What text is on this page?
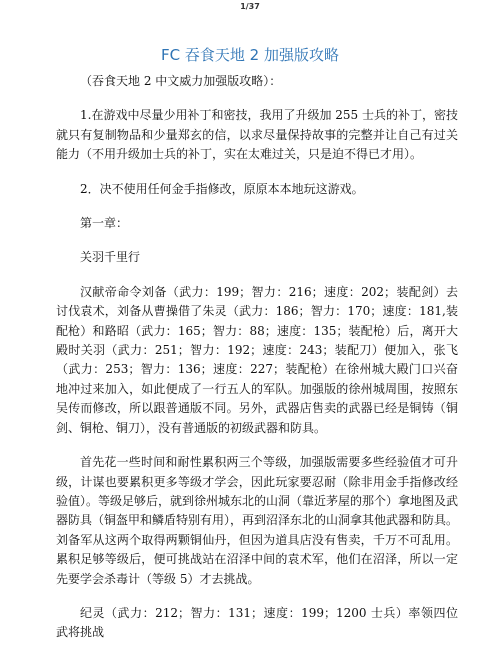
1/37
FC 吞食天地 2 加强版攻略

（吞食天地 2 中文威力加强版攻略）：

1.在游戏中尽量少用补丁和密技，我用了升级加 255 士兵的补丁，密技就只有复制物品和少量郑玄的信，以求尽量保持故事的完整并让自己有过关能力（不用升级加士兵的补丁，实在太难过关，只是迫不得已才用）。

2．决不使用任何金手指修改，原原本本地玩这游戏。

第一章：

关羽千里行

汉献帝命令刘备（武力：199；智力：216；速度：202；装配剑）去讨伐袁术，刘备从曹操借了朱灵（武力：186；智力：170；速度：181,装配枪）和路昭（武力：165；智力：88；速度：135；装配枪）后，离开大殿时关羽（武力：251；智力：192；速度：243；装配刀）便加入，张飞（武力：253；智力：136；速度：227；装配枪）在徐州城大殿门口兴奋地冲过来加入，如此便成了一行五人的军队。加强版的徐州城周围，按照东吴传而修改，所以跟普通版不同。另外，武器店售卖的武器已经是铜铸（铜剑、铜枪、铜刀），没有普通版的初级武器和防具。

首先花一些时间和耐性累积两三个等级，加强版需要多些经验值才可升级，计谋也要累积更多等级才学会，因此玩家要忍耐（除非用金手指修改经验值）。等级足够后，就到徐州城东北的山洞（靠近茅屋的那个）拿地图及武器防具（铜盔甲和鳞盾特别有用），再到沼泽东北的山洞拿其他武器和防具。刘备军从这两个取得两颗铜仙丹，但因为道具店没有售卖，千万不可乱用。累积足够等级后，便可挑战站在沼泽中间的袁术军，他们在沼泽，所以一定先要学会杀毒计（等级 5）才去挑战。

纪灵（武力：212；智力：131；速度：199；1200 士兵）率领四位武将挑战
